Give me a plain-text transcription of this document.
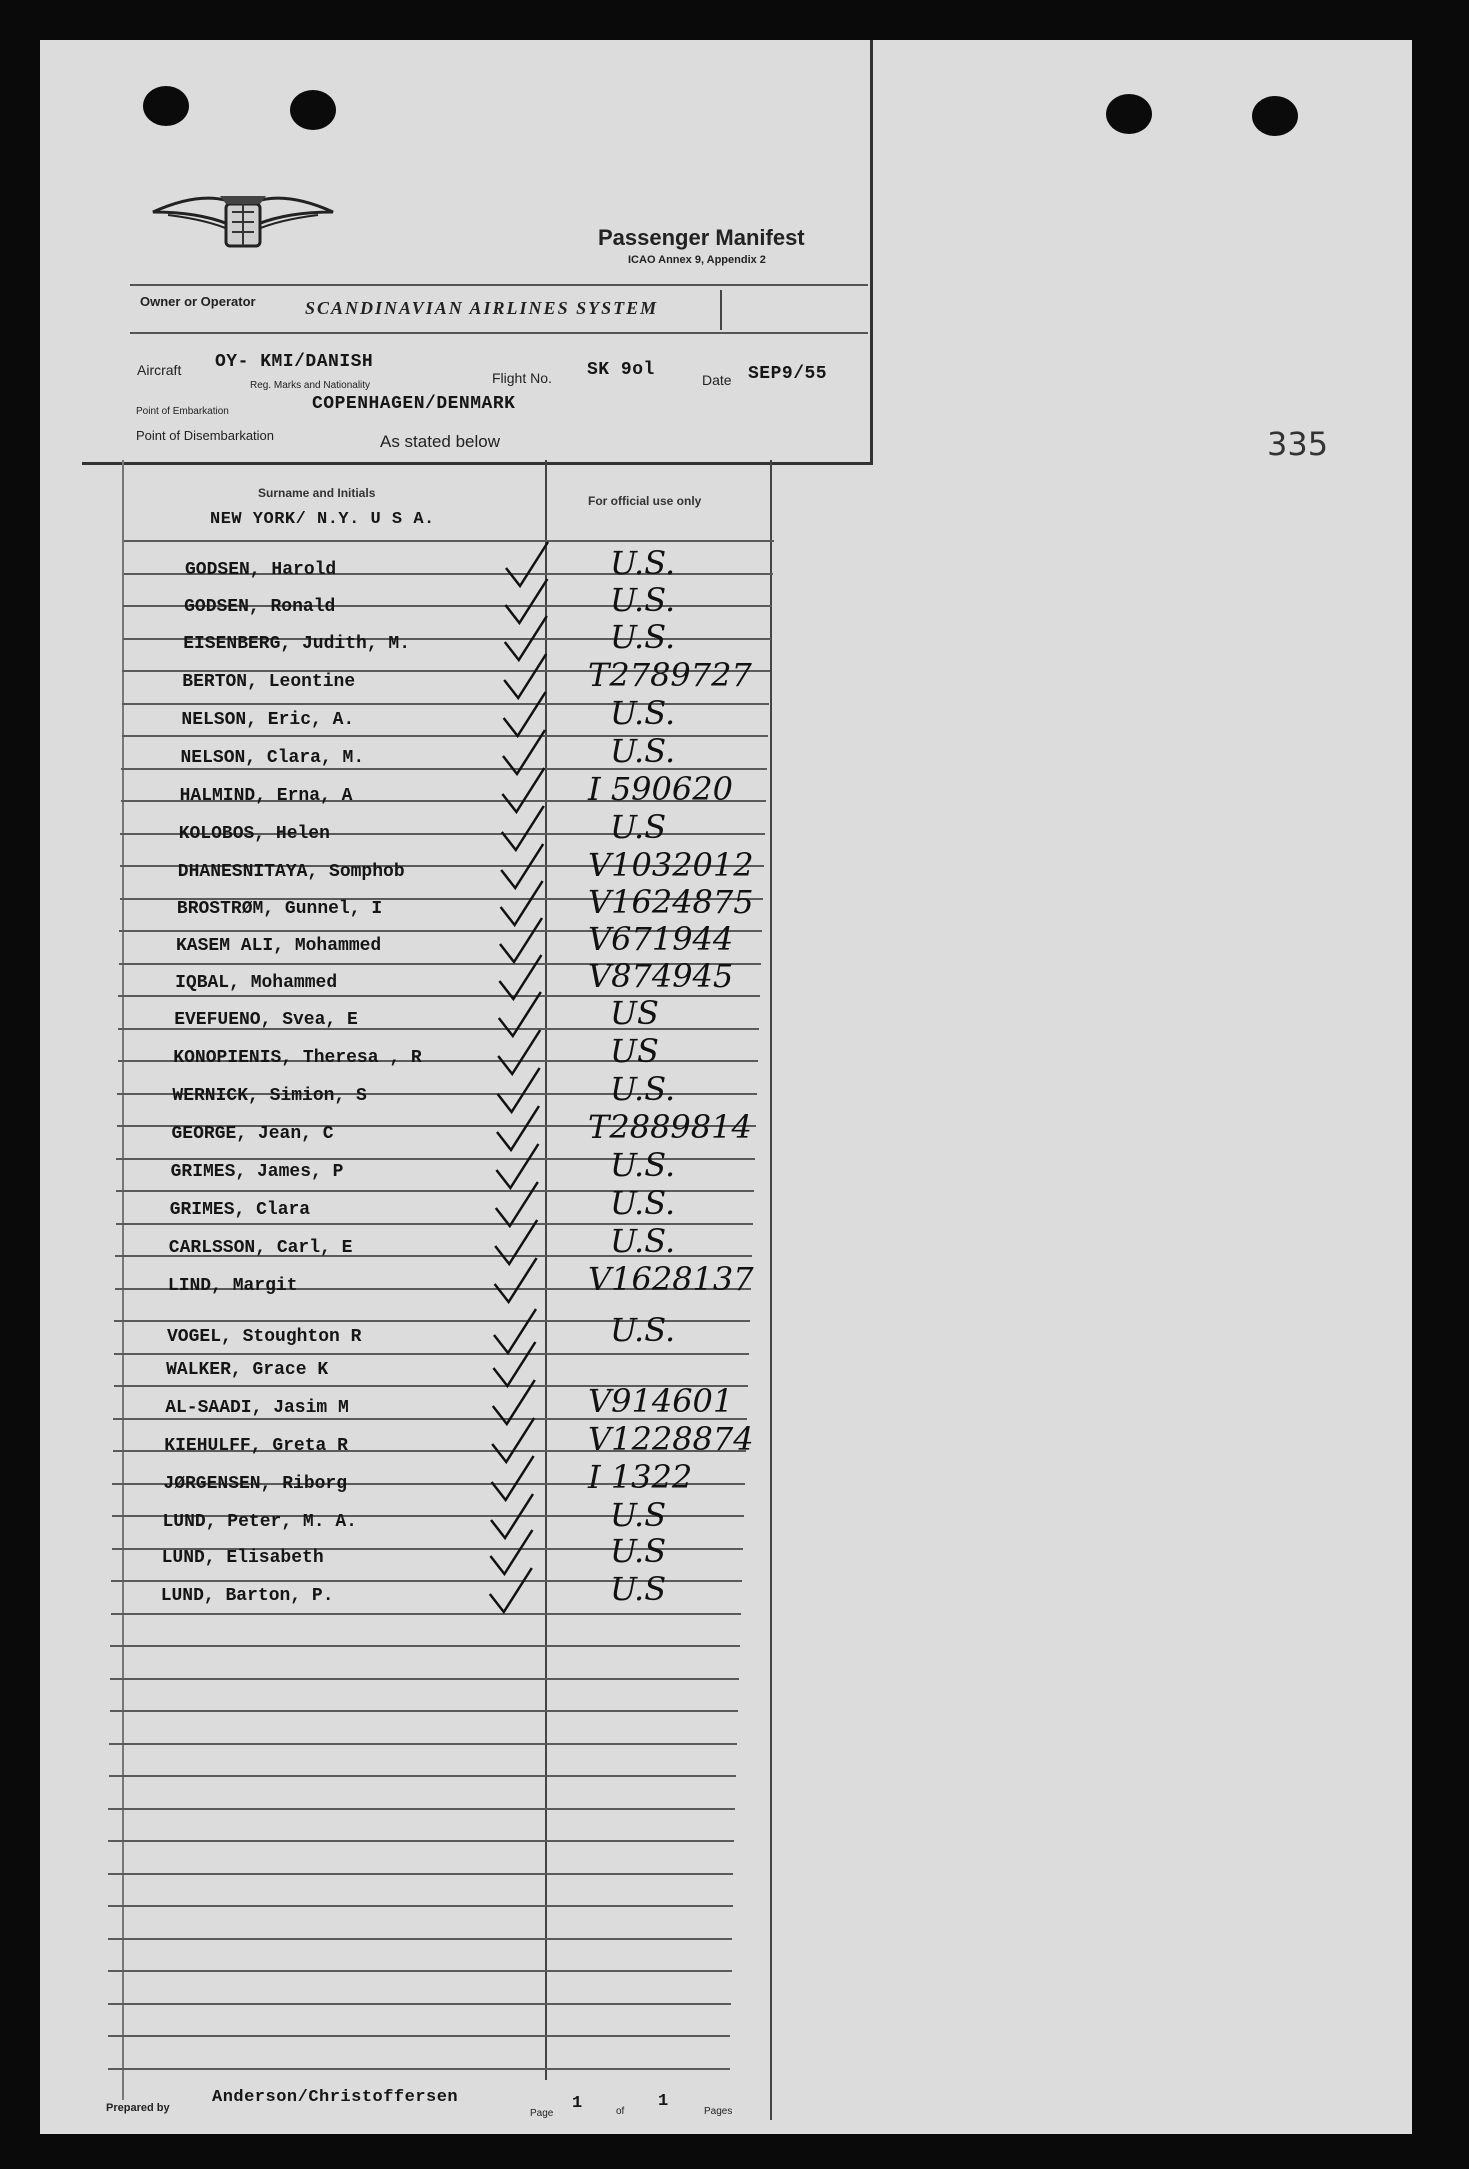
Passenger Manifest
ICAO Annex 9, Appendix 2
Owner or Operator	SCANDINAVIAN AIRLINES SYSTEM
Aircraft OY- KMI/DANISH
Reg. Marks and Nationality	Flight No. SK 9ol	Date SEP9/55
Point of Embarkation	COPENHAGEN/DENMARK
Point of Disembarkation	As stated below	335
Surname and Initials
For official use only
NEW YORK/ N.Y. U S A.
GODSEN, Harold	U.S.
GODSEN, Ronald	U.S.
EISENBERG, Judith, M.	U.S.
BERTON, Leontine	T2789727
NELSON, Eric, A.	U.S.
NELSON, Clara, M.	U.S.
HALMIND, Erna, A	I 590620
KOLOBOS, Helen	U.S
DHANESNITAYA, Somphob	V1032012
BROSTRØM, Gunnel, I	V1624875
KASEM ALI, Mohammed	V671944
IQBAL, Mohammed	V874945
EVEFUENO, Svea, E	US
KONOPIENIS, Theresa , R	US
WERNICK, Simion, S	U.S.
GEORGE, Jean, C	T2889814
GRIMES, James, P	U.S.
GRIMES, Clara	U.S.
CARLSSON, Carl, E	U.S.
LIND, Margit	V1628137
VOGEL, Stoughton R	U.S.
WALKER, Grace K
AL-SAADI, Jasim M	V914601
KIEHULFF, Greta R	V1228874
JØRGENSEN, Riborg	I 1322
LUND, Peter, M. A.	U.S
LUND, Elisabeth	U.S
LUND, Barton, P.	U.S
Prepared by
Anderson/Christoffersen
Page
1	of
1
Pages
